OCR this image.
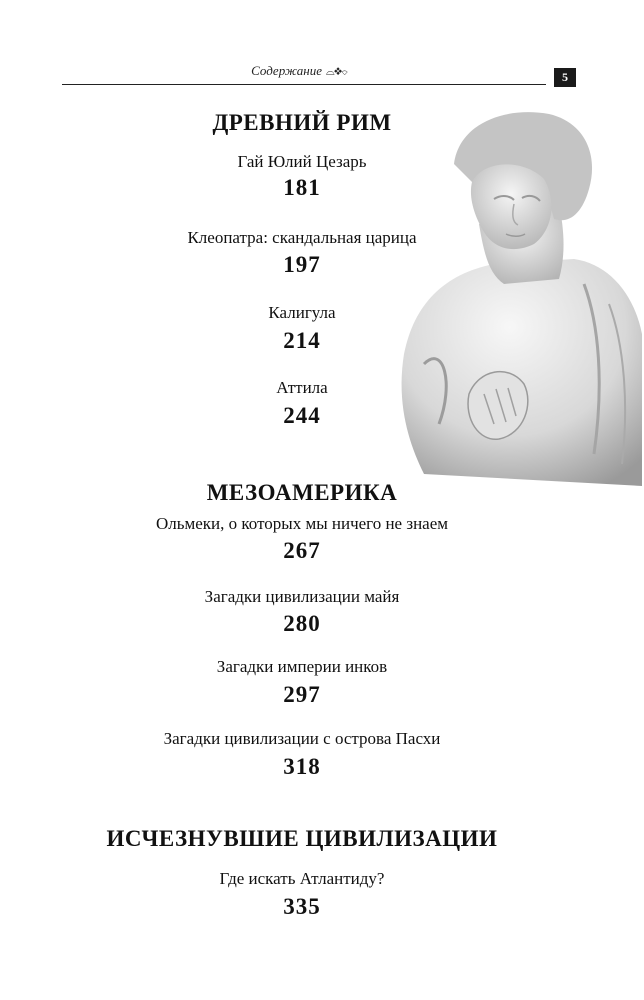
Содержание ⌓❖⌔	5
ДРЕВНИЙ РИМ
Гай Юлий Цезарь
181
Клеопатра: скандальная царица
197
Калигула
214
Аттила
244
МЕЗОАМЕРИКА
Ольмеки, о которых мы ничего не знаем
267
Загадки цивилизации майя
280
Загадки империи инков
297
Загадки цивилизации с острова Пасхи
318
ИСЧЕЗНУВШИЕ ЦИВИЛИЗАЦИИ
Где искать Атлантиду?
335
